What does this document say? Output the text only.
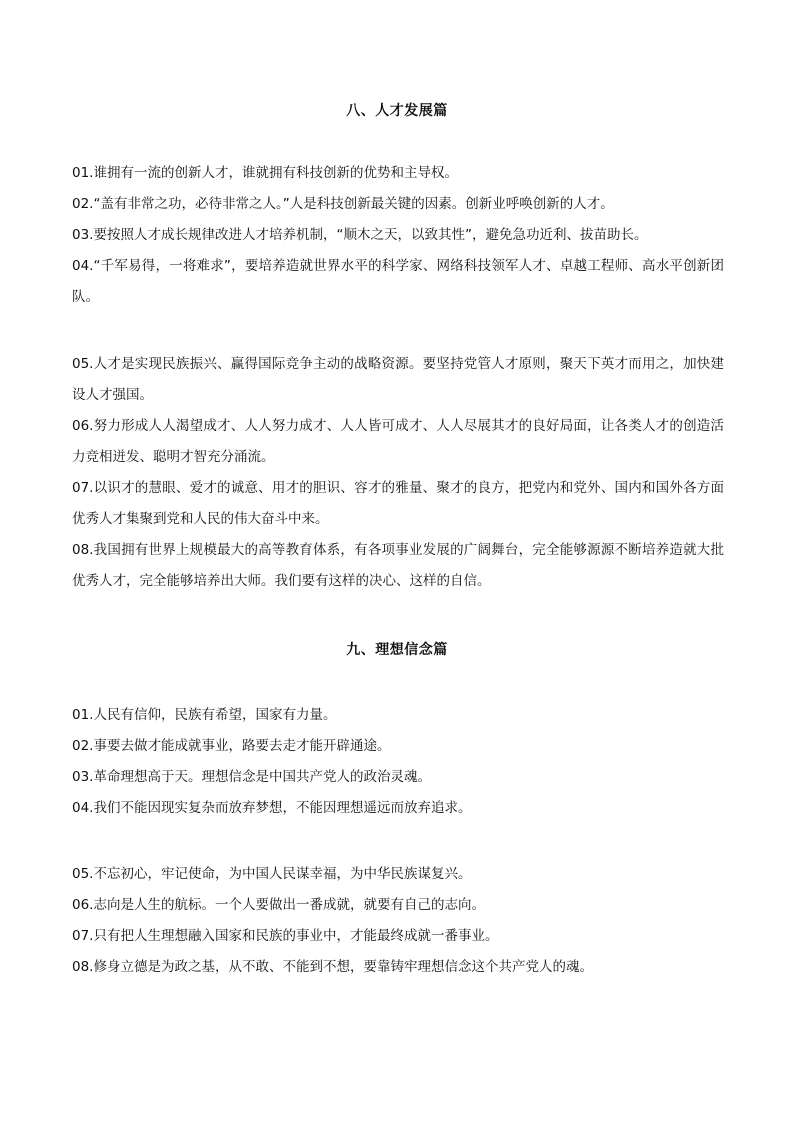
八、人才发展篇
01.谁拥有一流的创新人才，谁就拥有科技创新的优势和主导权。
02.“盖有非常之功，必待非常之人。”人是科技创新最关键的因素。创新业呼唤创新的人才。
03.要按照人才成长规律改进人才培养机制，“顺木之天，以致其性”，避免急功近利、拔苗助长。
04.“千军易得，一将难求”，要培养造就世界水平的科学家、网络科技领军人才、卓越工程师、高水平创新团队。
05.人才是实现民族振兴、赢得国际竞争主动的战略资源。要坚持党管人才原则，聚天下英才而用之，加快建设人才强国。
06.努力形成人人渴望成才、人人努力成才、人人皆可成才、人人尽展其才的良好局面，让各类人才的创造活力竞相迸发、聪明才智充分涌流。
07.以识才的慧眼、爱才的诚意、用才的胆识、容才的雅量、聚才的良方，把党内和党外、国内和国外各方面优秀人才集聚到党和人民的伟大奋斗中来。
08.我国拥有世界上规模最大的高等教育体系，有各项事业发展的广阔舞台，完全能够源源不断培养造就大批优秀人才，完全能够培养出大师。我们要有这样的决心、这样的自信。
九、理想信念篇
01.人民有信仰，民族有希望，国家有力量。
02.事要去做才能成就事业，路要去走才能开辟通途。
03.革命理想高于天。理想信念是中国共产党人的政治灵魂。
04.我们不能因现实复杂而放弃梦想，不能因理想遥远而放弃追求。
05.不忘初心，牢记使命，为中国人民谋幸福，为中华民族谋复兴。
06.志向是人生的航标。一个人要做出一番成就，就要有自己的志向。
07.只有把人生理想融入国家和民族的事业中，才能最终成就一番事业。
08.修身立德是为政之基，从不敢、不能到不想，要靠铸牢理想信念这个共产党人的魂。
